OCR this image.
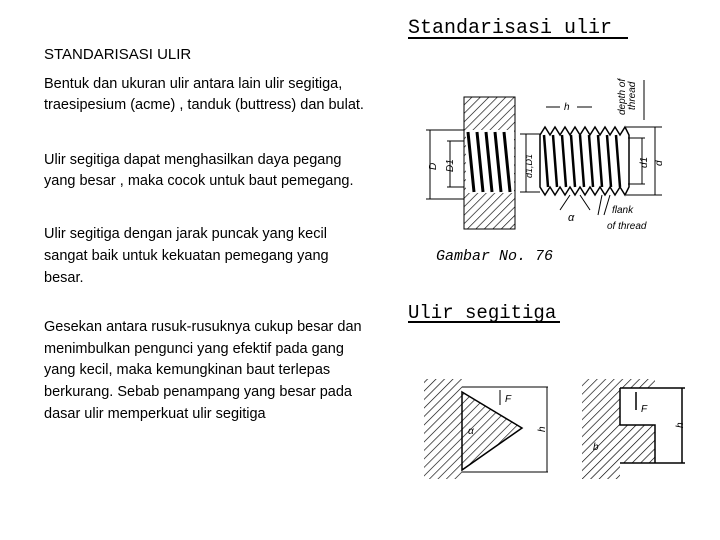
STANDARISASI ULIR
Bentuk dan ukuran ulir antara lain ulir segitiga,
traesipesium (acme) , tanduk (buttress) dan bulat.
Ulir segitiga dapat menghasilkan daya pegang
yang besar , maka cocok untuk baut pemegang.
Ulir segitiga dengan jarak puncak yang kecil
sangat baik untuk kekuatan pemegang yang
besar.
Gesekan antara rusuk-rusuknya cukup besar dan
menimbulkan pengunci yang efektif pada gang
yang kecil, maka kemungkinan baut terlepas
berkurang. Sebab penampang yang besar pada
dasar ulir memperkuat ulir segitiga
Standarisasi ulir
D D1	d1,D1
h
d1 d
depth of thread
α
flank
of thread
Gambar No. 76
Ulir segitiga
F
h
α
F
h
b
